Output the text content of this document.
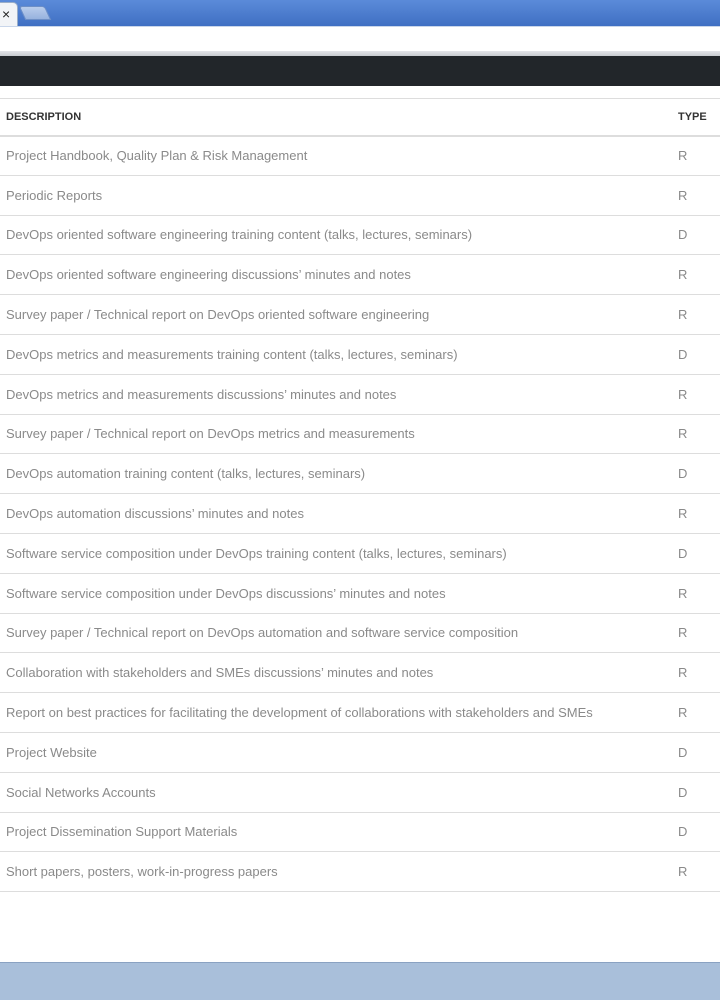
×
DESCRIPTION	TYPE
Project Handbook, Quality Plan & Risk Management	R
Periodic Reports	R
DevOps oriented software engineering training content (talks, lectures, seminars)	D
DevOps oriented software engineering discussions’ minutes and notes	R
Survey paper / Technical report on DevOps oriented software engineering	R
DevOps metrics and measurements training content (talks, lectures, seminars)	D
DevOps metrics and measurements discussions’ minutes and notes	R
Survey paper / Technical report on DevOps metrics and measurements	R
DevOps automation training content (talks, lectures, seminars)	D
DevOps automation discussions’ minutes and notes	R
Software service composition under DevOps training content (talks, lectures, seminars)	D
Software service composition under DevOps discussions’ minutes and notes	R
Survey paper / Technical report on DevOps automation and software service composition	R
Collaboration with stakeholders and SMEs discussions’ minutes and notes	R
Report on best practices for facilitating the development of collaborations with stakeholders and SMEs	R
Project Website	D
Social Networks Accounts	D
Project Dissemination Support Materials	D
Short papers, posters, work-in-progress papers	R
